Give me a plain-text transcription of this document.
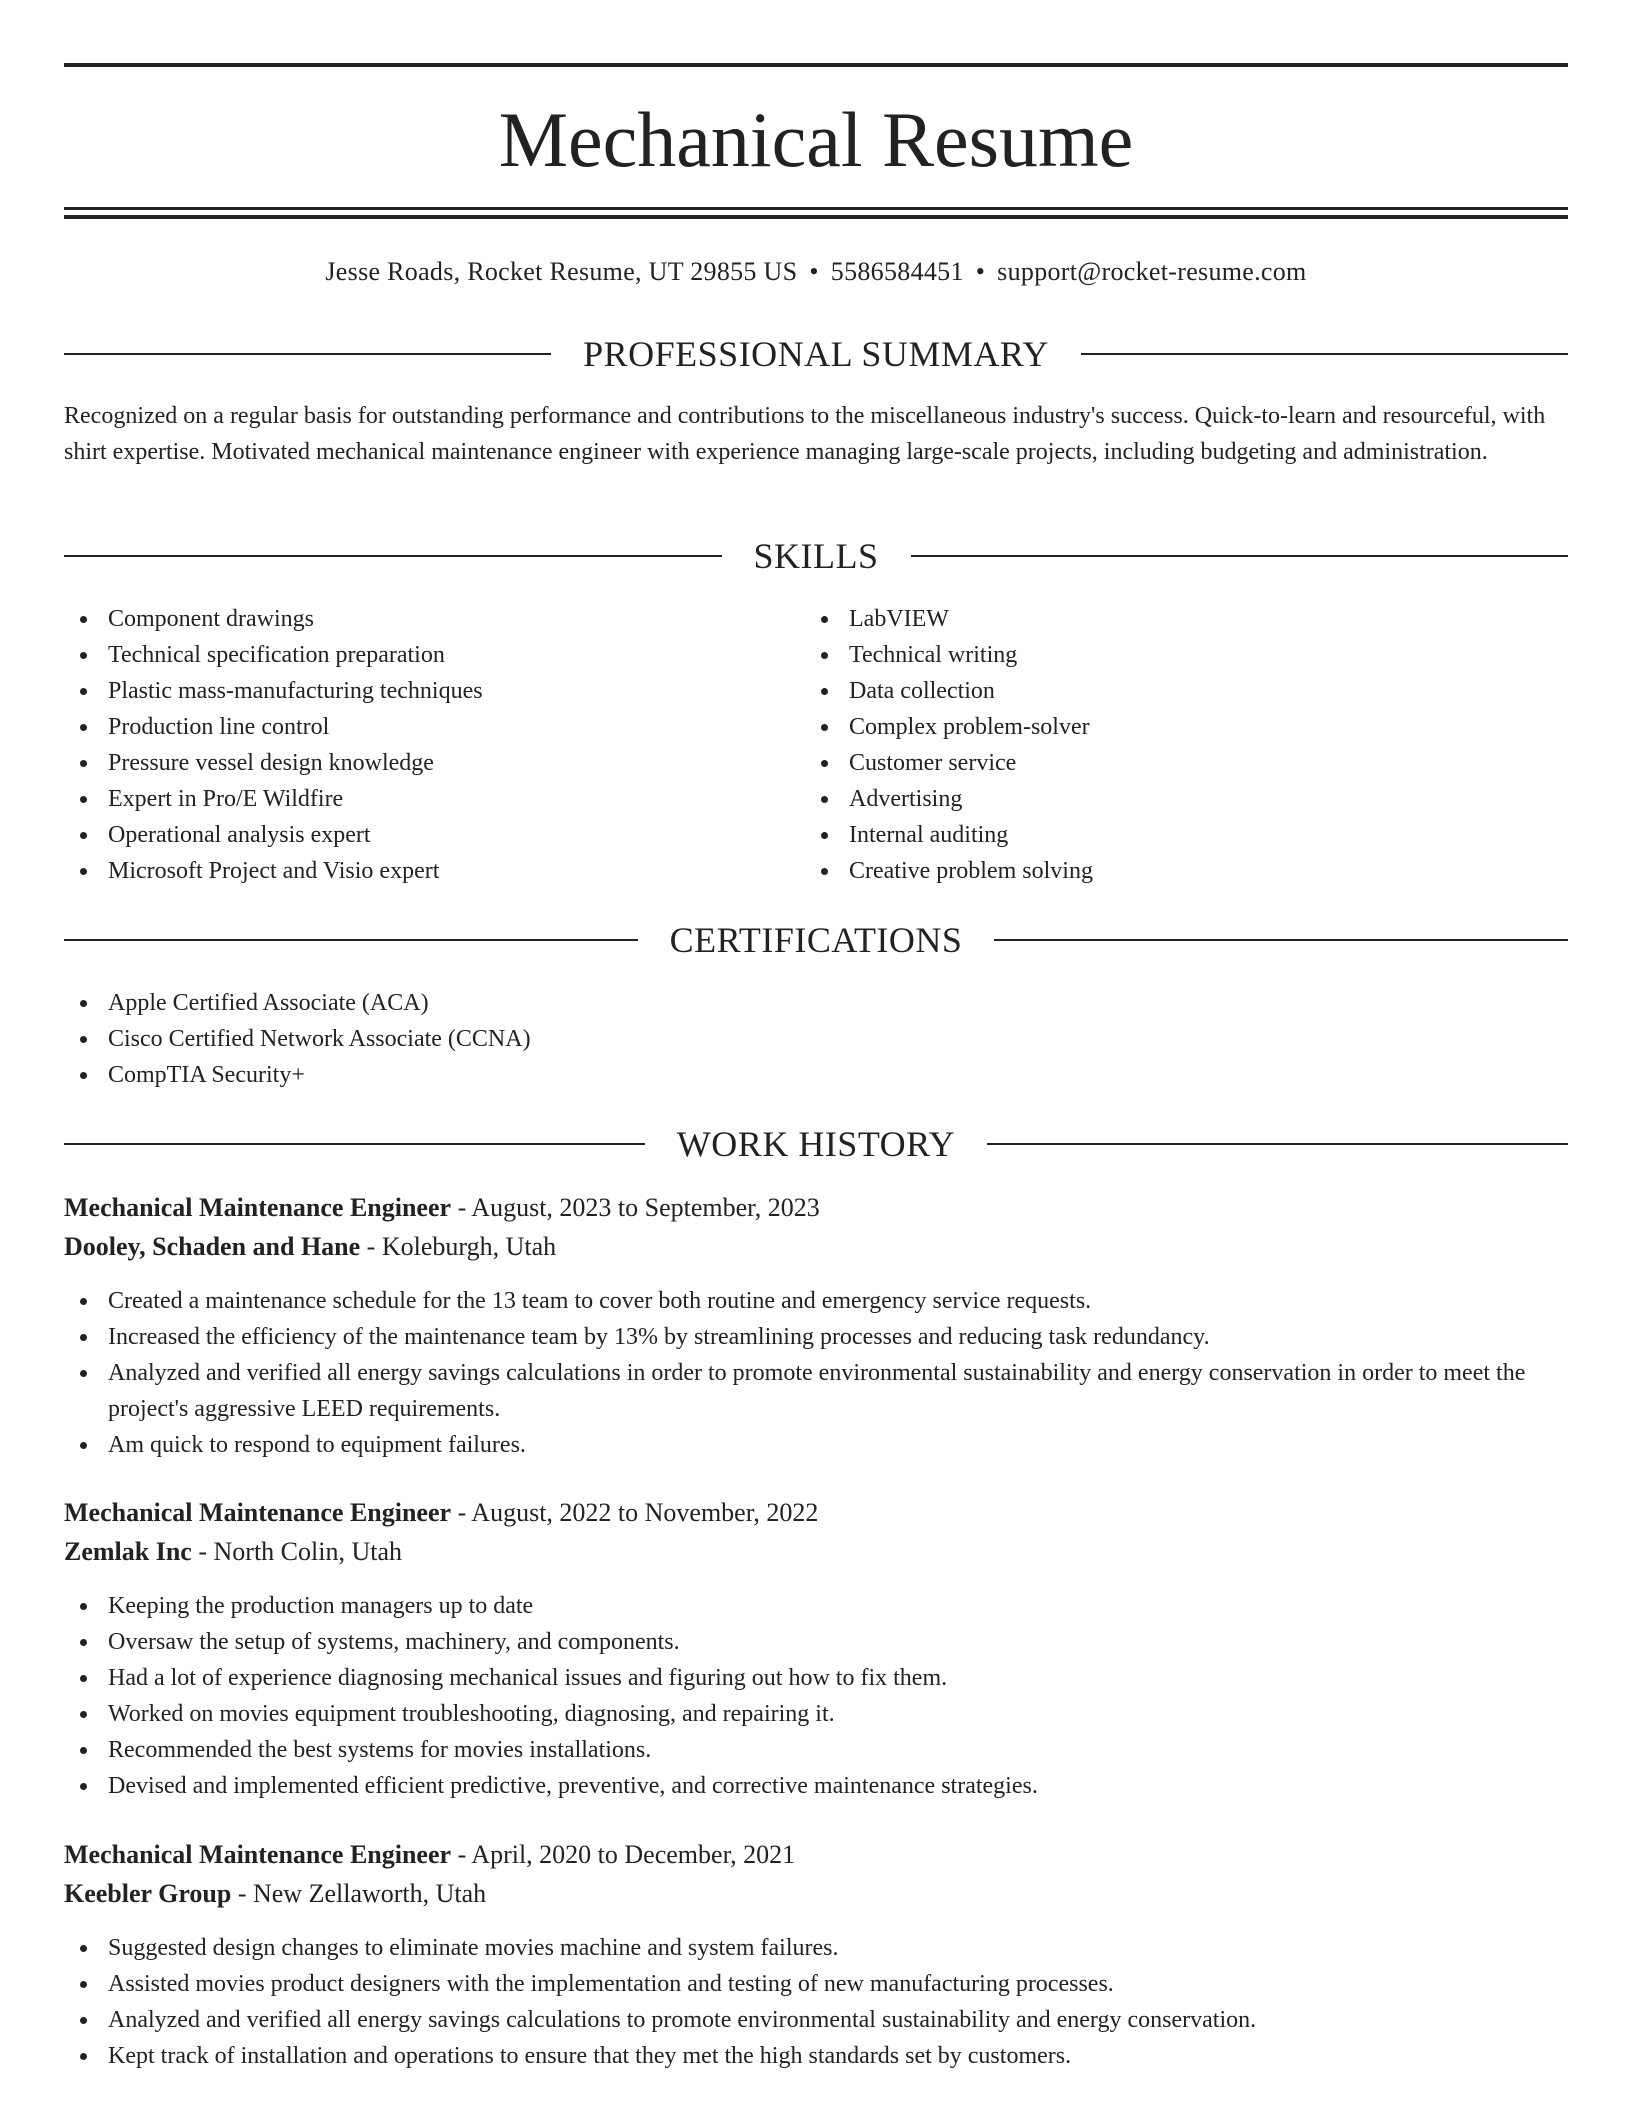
Mechanical Resume
Jesse Roads, Rocket Resume, UT 29855 US • 5586584451 • support@rocket-resume.com
PROFESSIONAL SUMMARY

Recognized on a regular basis for outstanding performance and contributions to the miscellaneous industry's success. Quick-to-learn and resourceful, with shirt expertise. Motivated mechanical maintenance engineer with experience managing large-scale projects, including budgeting and administration.

SKILLS
Component drawings
Technical specification preparation
Plastic mass-manufacturing techniques
Production line control
Pressure vessel design knowledge
Expert in Pro/E Wildfire
Operational analysis expert
Microsoft Project and Visio expert
LabVIEW
Technical writing
Data collection
Complex problem-solver
Customer service
Advertising
Internal auditing
Creative problem solving
CERTIFICATIONS
Apple Certified Associate (ACA)
Cisco Certified Network Associate (CCNA)
CompTIA Security+
WORK HISTORY
Mechanical Maintenance Engineer - August, 2023 to September, 2023
Dooley, Schaden and Hane - Koleburgh, Utah
Created a maintenance schedule for the 13 team to cover both routine and emergency service requests.
Increased the efficiency of the maintenance team by 13% by streamlining processes and reducing task redundancy.
Analyzed and verified all energy savings calculations in order to promote environmental sustainability and energy conservation in order to meet the project's aggressive LEED requirements.
Am quick to respond to equipment failures.
Mechanical Maintenance Engineer - August, 2022 to November, 2022
Zemlak Inc - North Colin, Utah
Keeping the production managers up to date
Oversaw the setup of systems, machinery, and components.
Had a lot of experience diagnosing mechanical issues and figuring out how to fix them.
Worked on movies equipment troubleshooting, diagnosing, and repairing it.
Recommended the best systems for movies installations.
Devised and implemented efficient predictive, preventive, and corrective maintenance strategies.
Mechanical Maintenance Engineer - April, 2020 to December, 2021
Keebler Group - New Zellaworth, Utah
Suggested design changes to eliminate movies machine and system failures.
Assisted movies product designers with the implementation and testing of new manufacturing processes.
Analyzed and verified all energy savings calculations to promote environmental sustainability and energy conservation.
Kept track of installation and operations to ensure that they met the high standards set by customers.
